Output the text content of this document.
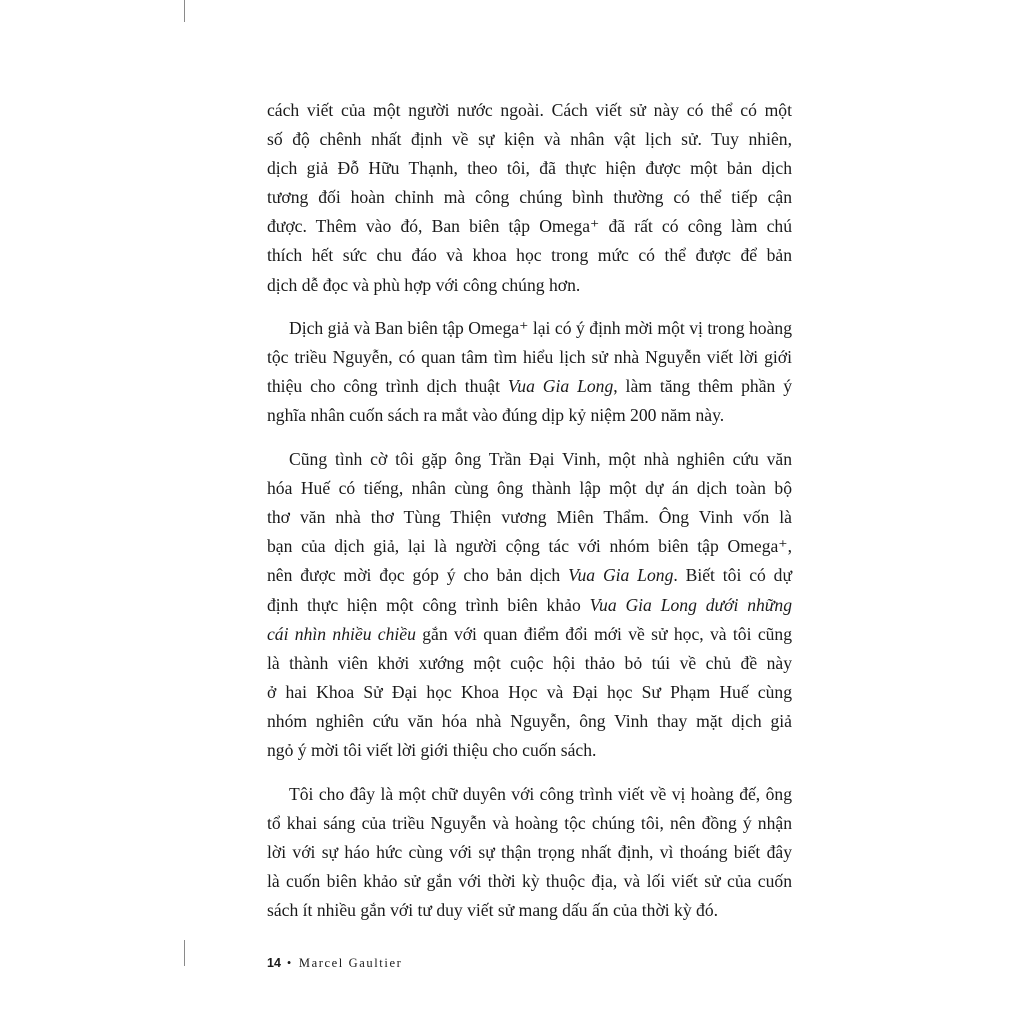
cách viết của một người nước ngoài. Cách viết sử này có thể có một
số độ chênh nhất định về sự kiện và nhân vật lịch sử. Tuy nhiên,
dịch giả Đỗ Hữu Thạnh, theo tôi, đã thực hiện được một bản dịch
tương đối hoàn chỉnh mà công chúng bình thường có thể tiếp cận
được. Thêm vào đó, Ban biên tập Omega⁺ đã rất có công làm chú
thích hết sức chu đáo và khoa học trong mức có thể được để bản
dịch dễ đọc và phù hợp với công chúng hơn.
Dịch giả và Ban biên tập Omega⁺ lại có ý định mời một vị trong hoàng
tộc triều Nguyễn, có quan tâm tìm hiểu lịch sử nhà Nguyễn viết lời giới
thiệu cho công trình dịch thuật Vua Gia Long, làm tăng thêm phần ý
nghĩa nhân cuốn sách ra mắt vào đúng dịp kỷ niệm 200 năm này.
Cũng tình cờ tôi gặp ông Trần Đại Vinh, một nhà nghiên cứu văn
hóa Huế có tiếng, nhân cùng ông thành lập một dự án dịch toàn bộ
thơ văn nhà thơ Tùng Thiện vương Miên Thẩm. Ông Vinh vốn là
bạn của dịch giả, lại là người cộng tác với nhóm biên tập Omega⁺,
nên được mời đọc góp ý cho bản dịch Vua Gia Long. Biết tôi có dự
định thực hiện một công trình biên khảo Vua Gia Long dưới những
cái nhìn nhiều chiều gắn với quan điểm đổi mới về sử học, và tôi cũng
là thành viên khởi xướng một cuộc hội thảo bỏ túi về chủ đề này
ở hai Khoa Sử Đại học Khoa Học và Đại học Sư Phạm Huế cùng
nhóm nghiên cứu văn hóa nhà Nguyễn, ông Vinh thay mặt dịch giả
ngỏ ý mời tôi viết lời giới thiệu cho cuốn sách.
Tôi cho đây là một chữ duyên với công trình viết về vị hoàng đế, ông
tổ khai sáng của triều Nguyễn và hoàng tộc chúng tôi, nên đồng ý nhận
lời với sự háo hức cùng với sự thận trọng nhất định, vì thoáng biết đây
là cuốn biên khảo sử gắn với thời kỳ thuộc địa, và lối viết sử của cuốn
sách ít nhiều gắn với tư duy viết sử mang dấu ấn của thời kỳ đó.
14 • Marcel Gaultier
